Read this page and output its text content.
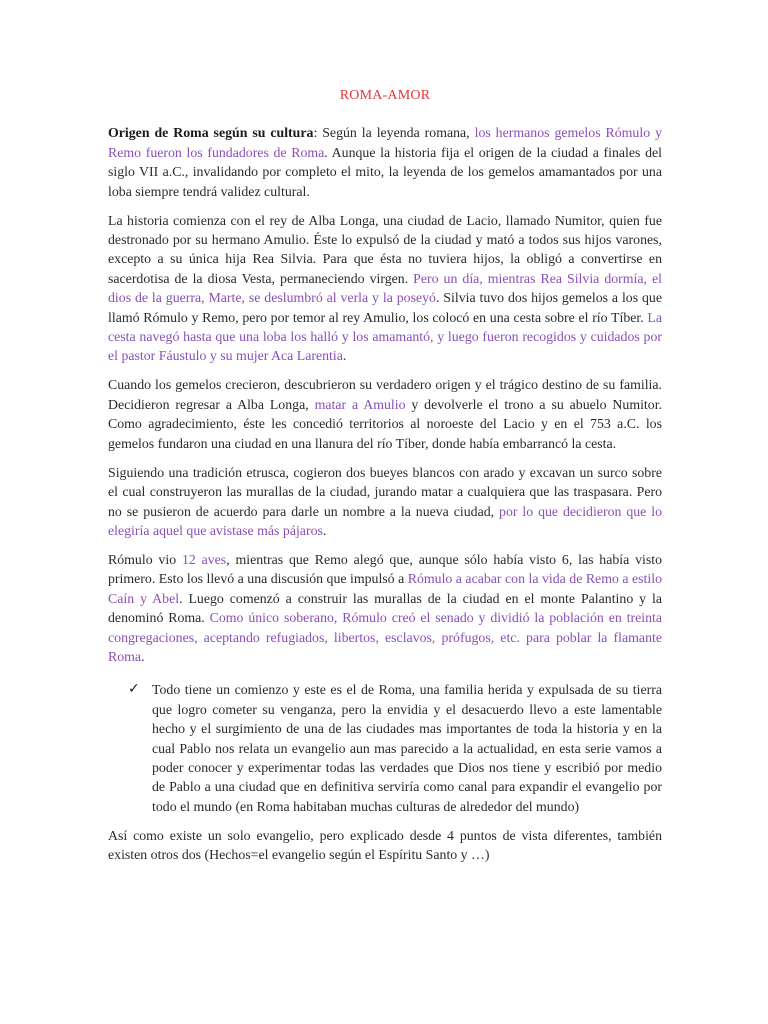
ROMA-AMOR

Origen de Roma según su cultura: Según la leyenda romana, los hermanos gemelos Rómulo y Remo fueron los fundadores de Roma. Aunque la historia fija el origen de la ciudad a finales del siglo VII a.C., invalidando por completo el mito, la leyenda de los gemelos amamantados por una loba siempre tendrá validez cultural.

La historia comienza con el rey de Alba Longa, una ciudad de Lacio, llamado Numitor, quien fue destronado por su hermano Amulio. Éste lo expulsó de la ciudad y mató a todos sus hijos varones, excepto a su única hija Rea Silvia. Para que ésta no tuviera hijos, la obligó a convertirse en sacerdotisa de la diosa Vesta, permaneciendo virgen. Pero un día, mientras Rea Silvia dormía, el dios de la guerra, Marte, se deslumbró al verla y la poseyó. Silvia tuvo dos hijos gemelos a los que llamó Rómulo y Remo, pero por temor al rey Amulio, los colocó en una cesta sobre el río Tíber. La cesta navegó hasta que una loba los halló y los amamantó, y luego fueron recogidos y cuidados por el pastor Fáustulo y su mujer Aca Larentia.

Cuando los gemelos crecieron, descubrieron su verdadero origen y el trágico destino de su familia. Decidieron regresar a Alba Longa, matar a Amulio y devolverle el trono a su abuelo Numitor. Como agradecimiento, éste les concedió territorios al noroeste del Lacio y en el 753 a.C. los gemelos fundaron una ciudad en una llanura del río Tíber, donde había embarrancó la cesta.

Siguiendo una tradición etrusca, cogieron dos bueyes blancos con arado y excavan un surco sobre el cual construyeron las murallas de la ciudad, jurando matar a cualquiera que las traspasara. Pero no se pusieron de acuerdo para darle un nombre a la nueva ciudad, por lo que decidieron que lo elegiría aquel que avistase más pájaros.

Rómulo vio 12 aves, mientras que Remo alegó que, aunque sólo había visto 6, las había visto primero. Esto los llevó a una discusión que impulsó a Rómulo a acabar con la vida de Remo a estilo Caín y Abel. Luego comenzó a construir las murallas de la ciudad en el monte Palantino y la denominó Roma. Como único soberano, Rómulo creó el senado y dividió la población en treinta congregaciones, aceptando refugiados, libertos, esclavos, prófugos, etc. para poblar la flamante Roma.

✓ Todo tiene un comienzo y este es el de Roma, una familia herida y expulsada de su tierra que logro cometer su venganza, pero la envidia y el desacuerdo llevo a este lamentable hecho y el surgimiento de una de las ciudades mas importantes de toda la historia y en la cual Pablo nos relata un evangelio aun mas parecido a la actualidad, en esta serie vamos a poder conocer y experimentar todas las verdades que Dios nos tiene y escribió por medio de Pablo a una ciudad que en definitiva serviría como canal para expandir el evangelio por todo el mundo (en Roma habitaban muchas culturas de alrededor del mundo)

Así como existe un solo evangelio, pero explicado desde 4 puntos de vista diferentes, también existen otros dos (Hechos=el evangelio según el Espíritu Santo y …)
